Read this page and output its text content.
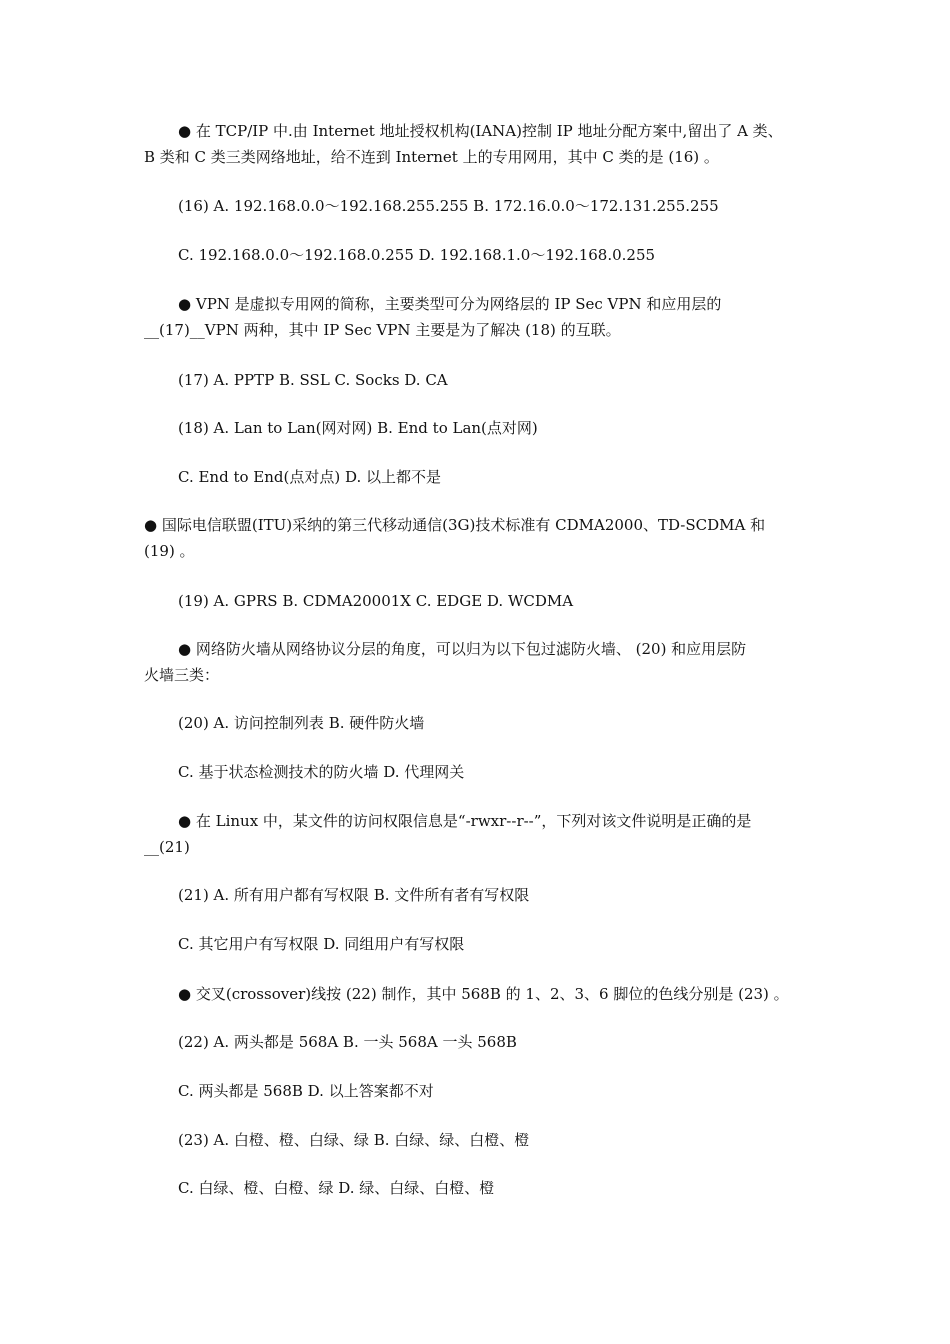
● 在 TCP/IP 中.由 Internet 地址授权机构(IANA)控制 IP 地址分配方案中,留出了 A 类、
B 类和 C 类三类网络地址，给不连到 Internet 上的专用网用，其中 C 类的是 (16) 。
(16) A. 192.168.0.0～192.168.255.255 B. 172.16.0.0～172.131.255.255
C. 192.168.0.0～192.168.0.255 D. 192.168.1.0～192.168.0.255
● VPN 是虚拟专用网的简称，主要类型可分为网络层的 IP Sec VPN 和应用层的
__(17)__VPN 两种，其中 IP Sec VPN 主要是为了解决 (18) 的互联。
(17) A. PPTP B. SSL C. Socks D. CA
(18) A. Lan to Lan(网对网) B. End to Lan(点对网)
C. End to End(点对点) D. 以上都不是
● 国际电信联盟(ITU)采纳的第三代移动通信(3G)技术标准有 CDMA2000、TD-SCDMA 和
(19) 。
(19) A. GPRS B. CDMA20001X C. EDGE D. WCDMA
● 网络防火墙从网络协议分层的角度，可以归为以下包过滤防火墙、 (20) 和应用层防
火墙三类：
(20) A. 访问控制列表 B. 硬件防火墙
C. 基于状态检测技术的防火墙 D. 代理网关
● 在 Linux 中，某文件的访问权限信息是“-rwxr--r--”，下列对该文件说明是正确的是
__(21)
(21) A. 所有用户都有写权限 B. 文件所有者有写权限
C. 其它用户有写权限 D. 同组用户有写权限
● 交叉(crossover)线按 (22) 制作，其中 568B 的 1、2、3、6 脚位的色线分别是 (23) 。
(22) A. 两头都是 568A B. 一头 568A 一头 568B
C. 两头都是 568B D. 以上答案都不对
(23) A. 白橙、橙、白绿、绿 B. 白绿、绿、白橙、橙
C. 白绿、橙、白橙、绿 D. 绿、白绿、白橙、橙
